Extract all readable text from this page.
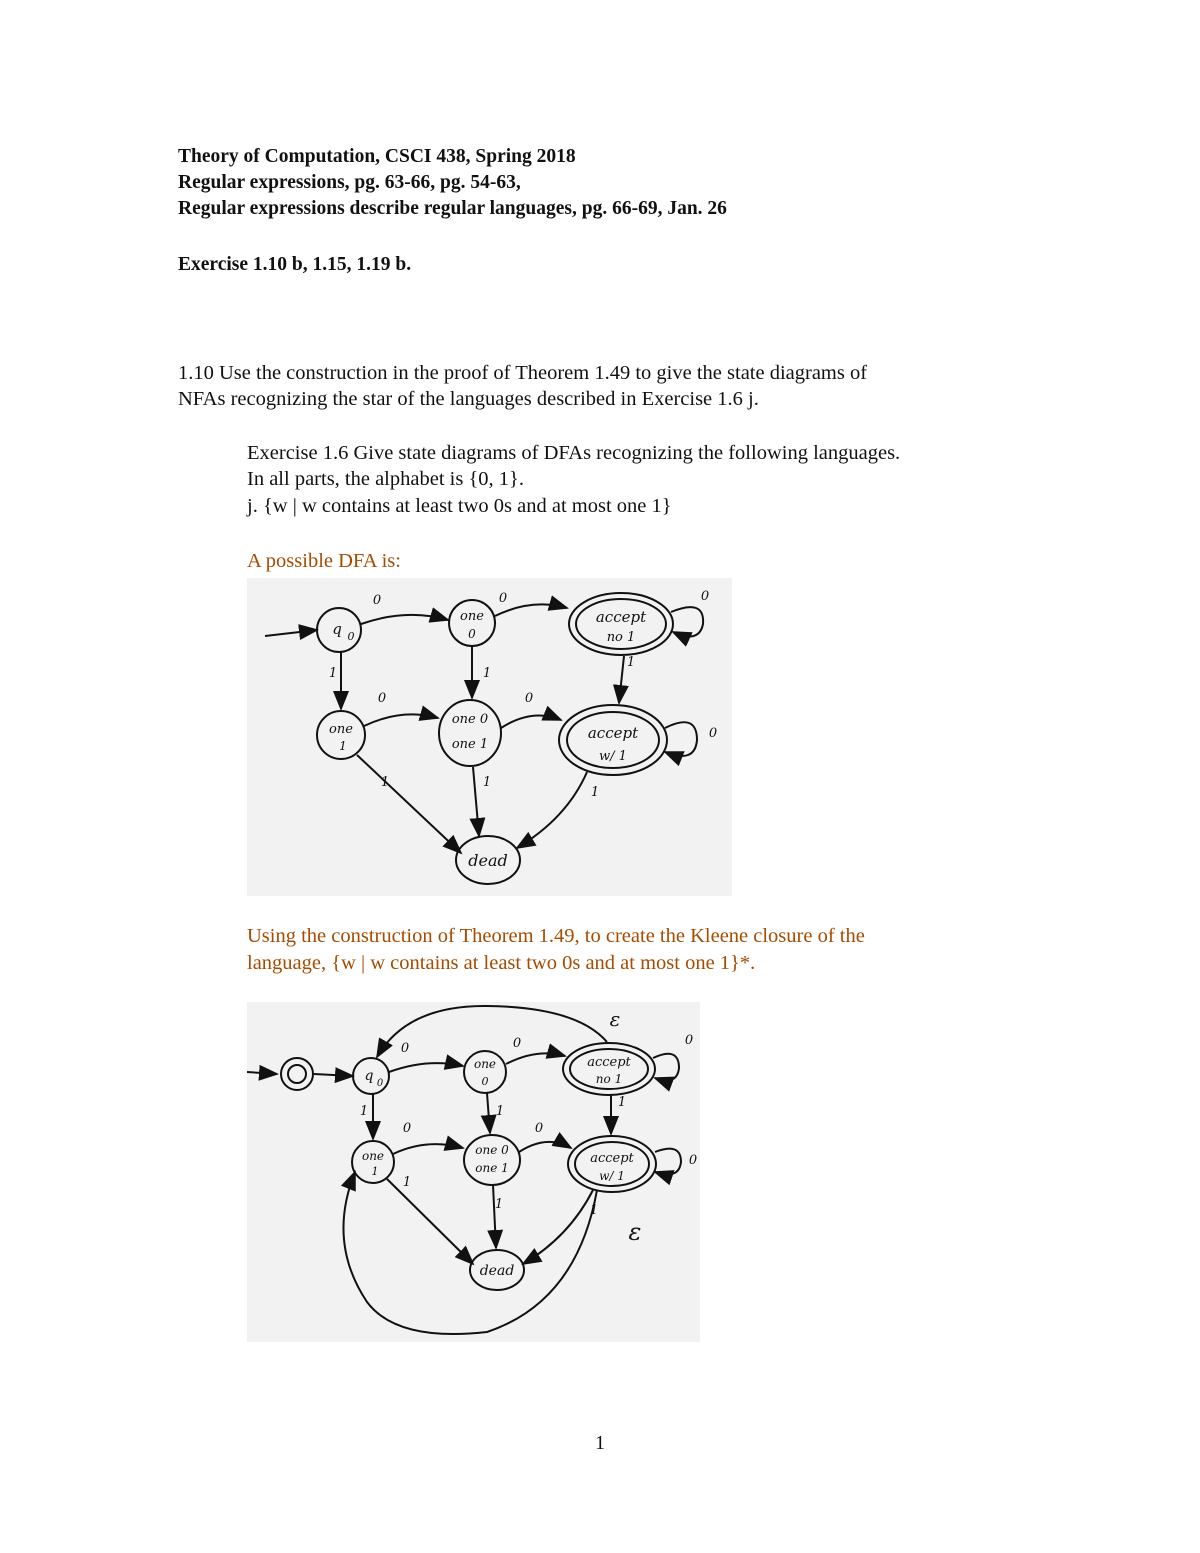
Theory of Computation, CSCI 438, Spring 2018
Regular expressions, pg. 63-66, pg. 54-63,
Regular expressions describe regular languages, pg. 66-69, Jan. 26
Exercise 1.10 b, 1.15, 1.19 b.
1.10 Use the construction in the proof of Theorem 1.49 to give the state diagrams of
NFAs recognizing the star of the languages described in Exercise 1.6 j.
Exercise 1.6 Give state diagrams of DFAs recognizing the following languages.
In all parts, the alphabet is {0, 1}.
j. {w | w contains at least two 0s and at most one 1}
A possible DFA is:
q 0
one
0
accept
no 1
one
1
one 0
one 1
accept
w/ 1
dead
0	0	0
1	1
1
0	0
0
1	1
1
Using the construction of Theorem 1.49, to create the Kleene closure of the
language, {w | w contains at least two 0s and at most one 1}*.
q 0
one
0
accept
no 1
one
1
one 0
one 1
accept
w/ 1
dead
0	0	0
1	1
1
0	0
0
1
1	1
ε
ε
1
